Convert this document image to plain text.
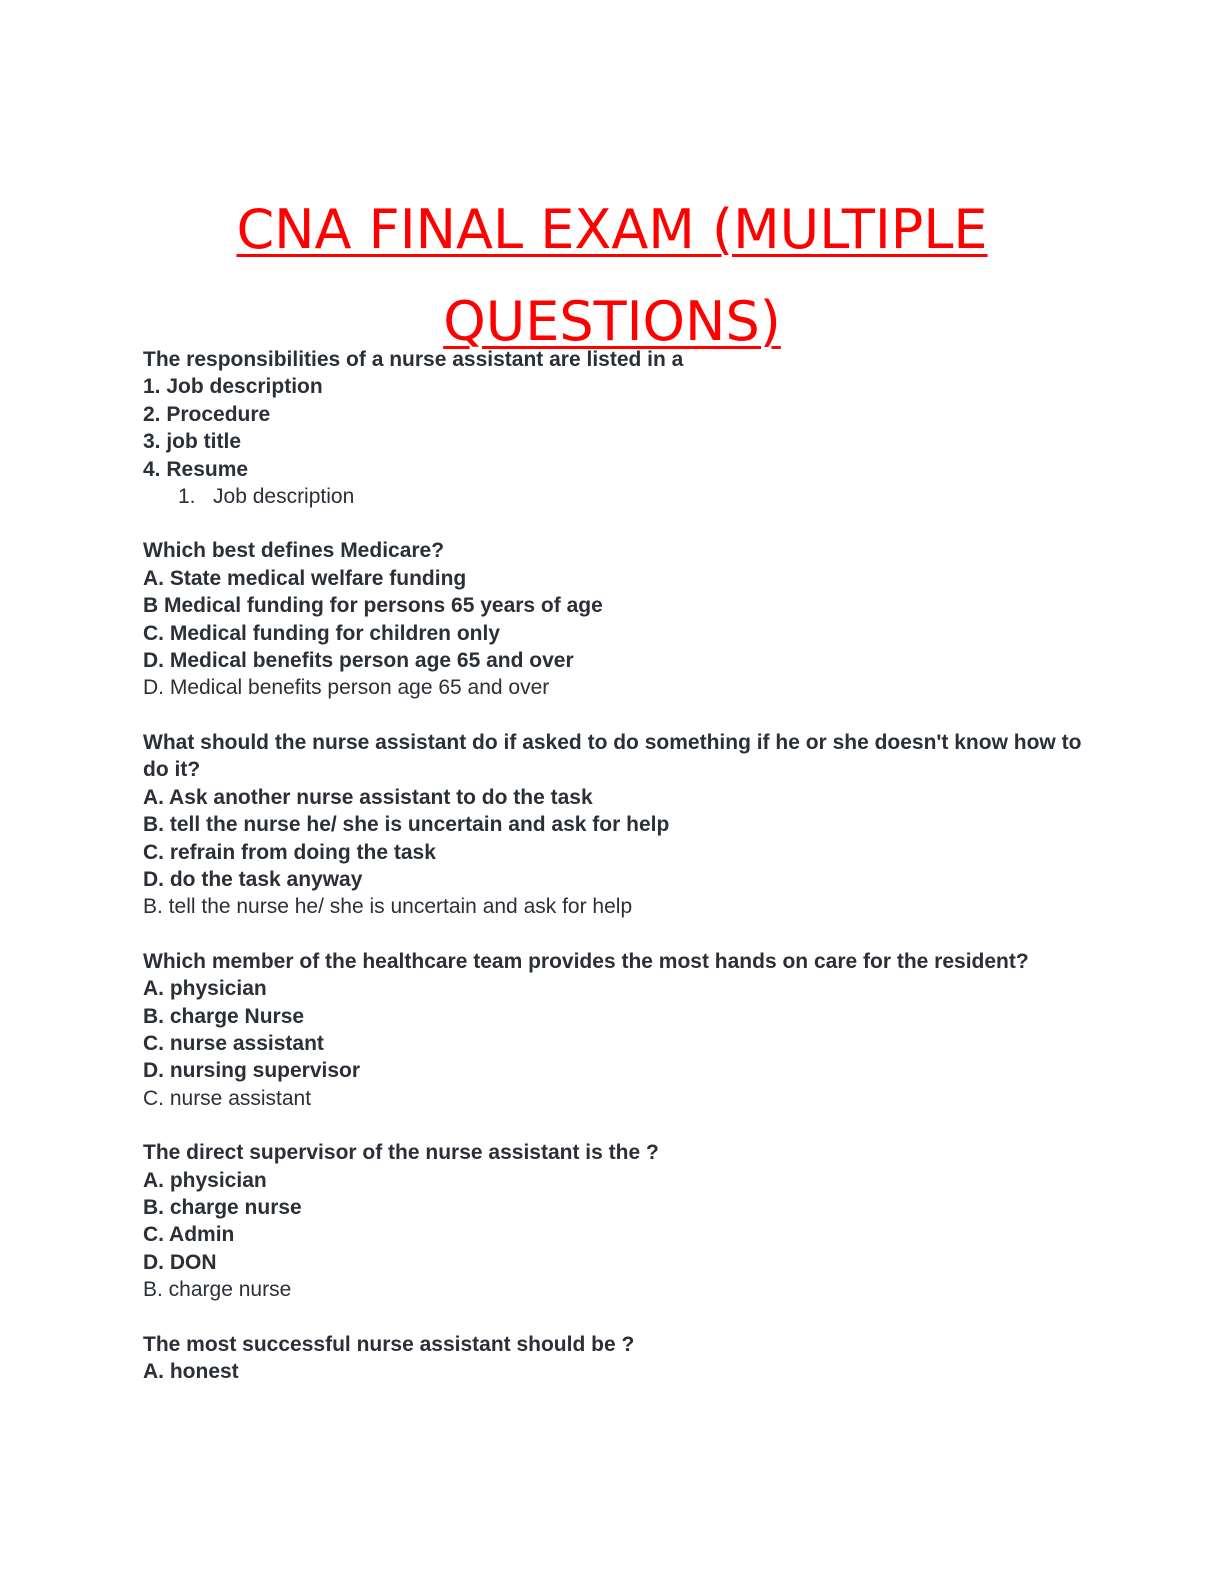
CNA FINAL EXAM (MULTIPLE
QUESTIONS)

The responsibilities of a nurse assistant are listed in a

1. Job description

2. Procedure

3. job title

4. Resume

1.   Job description

Which best defines Medicare?

A. State medical welfare funding

B Medical funding for persons 65 years of age

C. Medical funding for children only

D. Medical benefits person age 65 and over

D. Medical benefits person age 65 and over

What should the nurse assistant do if asked to do something if he or she doesn't know how to do it?

A. Ask another nurse assistant to do the task

B. tell the nurse he/ she is uncertain and ask for help

C. refrain from doing the task

D. do the task anyway

B. tell the nurse he/ she is uncertain and ask for help

Which member of the healthcare team provides the most hands on care for the resident?

A. physician

B. charge Nurse

C. nurse assistant

D. nursing supervisor

C. nurse assistant

The direct supervisor of the nurse assistant is the ?

A. physician

B. charge nurse

C. Admin

D. DON

B. charge nurse

The most successful nurse assistant should be ?

A. honest
